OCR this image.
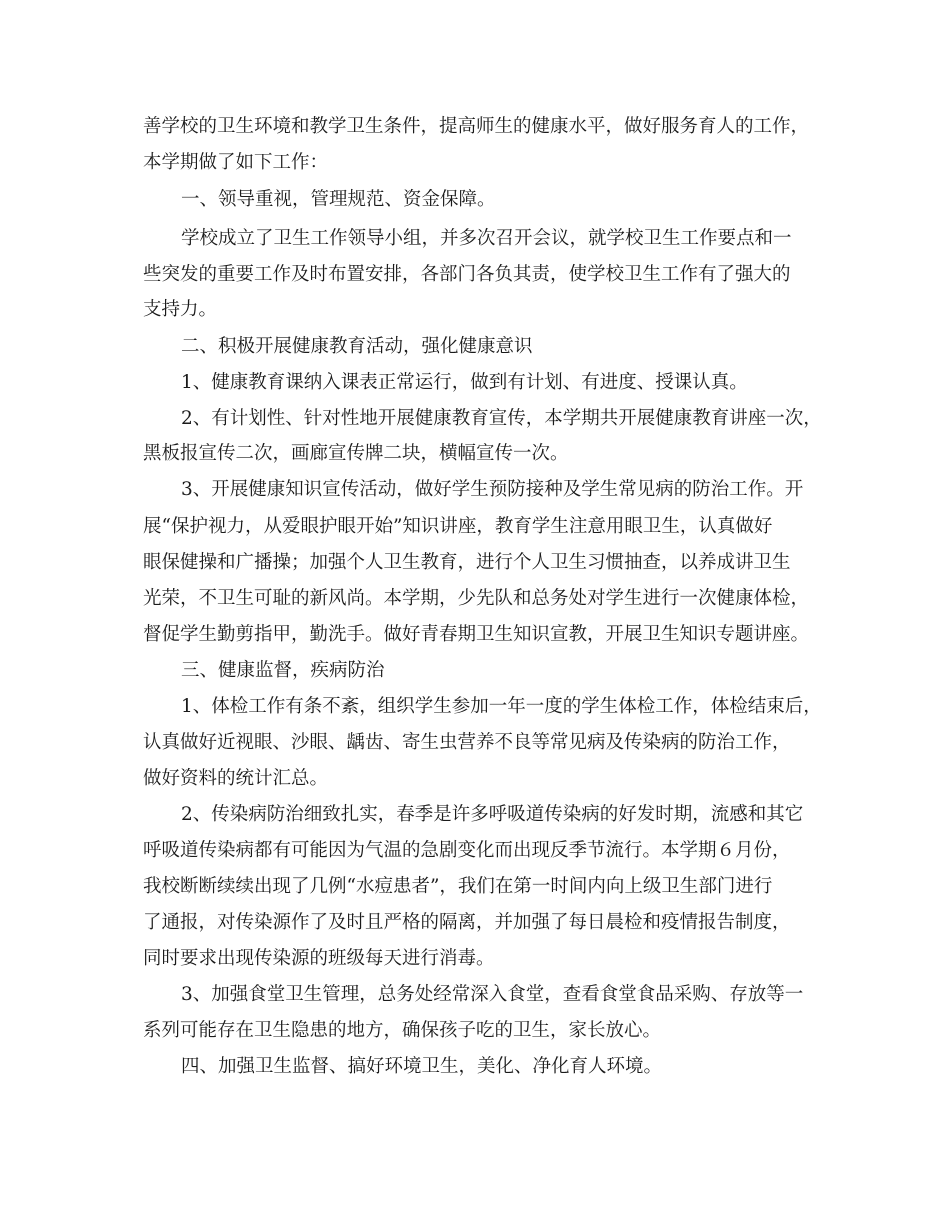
善学校的卫生环境和教学卫生条件，提高师生的健康水平，做好服务育人的工作，
本学期做了如下工作：
一、领导重视，管理规范、资金保障。
学校成立了卫生工作领导小组，并多次召开会议，就学校卫生工作要点和一
些突发的重要工作及时布置安排，各部门各负其责，使学校卫生工作有了强大的
支持力。
二、积极开展健康教育活动，强化健康意识
1、健康教育课纳入课表正常运行，做到有计划、有进度、授课认真。
2、有计划性、针对性地开展健康教育宣传，本学期共开展健康教育讲座一次，
黑板报宣传二次，画廊宣传牌二块，横幅宣传一次。
3、开展健康知识宣传活动，做好学生预防接种及学生常见病的防治工作。开
展“保护视力，从爱眼护眼开始”知识讲座，教育学生注意用眼卫生，认真做好
眼保健操和广播操；加强个人卫生教育，进行个人卫生习惯抽查，以养成讲卫生
光荣，不卫生可耻的新风尚。本学期，少先队和总务处对学生进行一次健康体检，
督促学生勤剪指甲，勤洗手。做好青春期卫生知识宣教，开展卫生知识专题讲座。
三、健康监督，疾病防治
1、体检工作有条不紊，组织学生参加一年一度的学生体检工作，体检结束后，
认真做好近视眼、沙眼、龋齿、寄生虫营养不良等常见病及传染病的防治工作，
做好资料的统计汇总。
2、传染病防治细致扎实，春季是许多呼吸道传染病的好发时期，流感和其它
呼吸道传染病都有可能因为气温的急剧变化而出现反季节流行。本学期６月份，
我校断断续续出现了几例“水痘患者”，我们在第一时间内向上级卫生部门进行
了通报，对传染源作了及时且严格的隔离，并加强了每日晨检和疫情报告制度，
同时要求出现传染源的班级每天进行消毒。
3、加强食堂卫生管理，总务处经常深入食堂，查看食堂食品采购、存放等一
系列可能存在卫生隐患的地方，确保孩子吃的卫生，家长放心。
四、加强卫生监督、搞好环境卫生，美化、净化育人环境。
